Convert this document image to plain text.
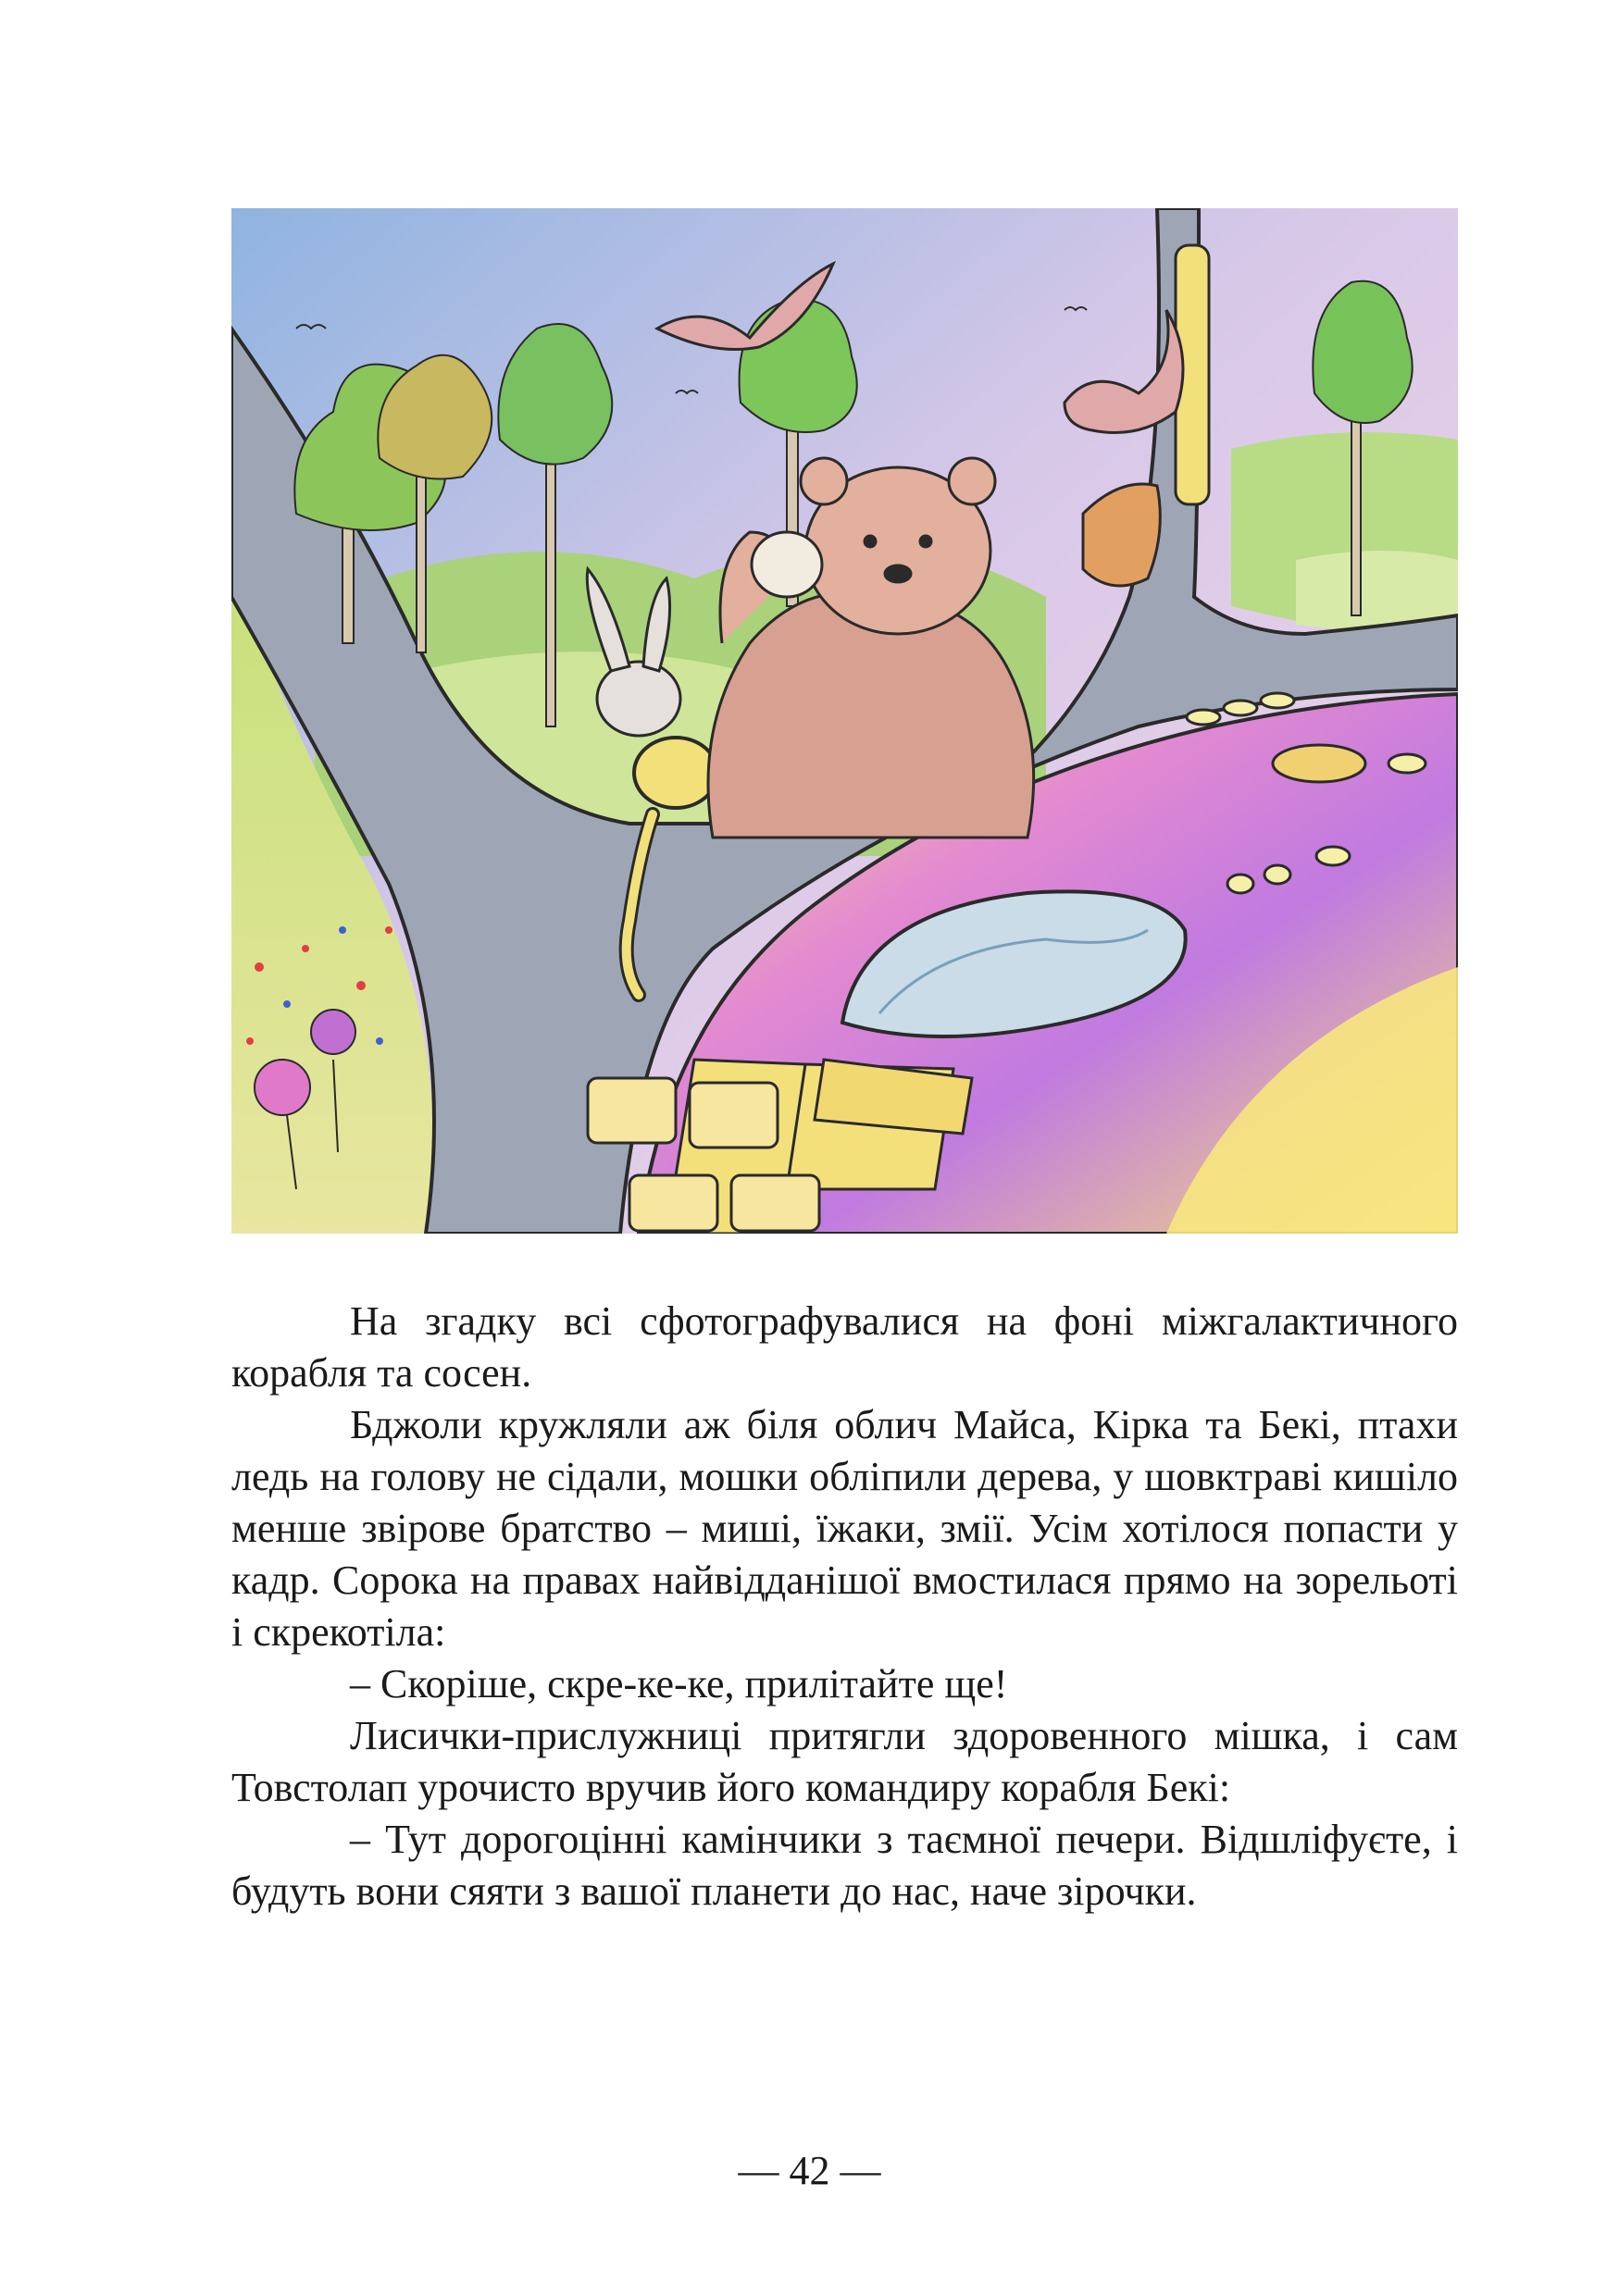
На згадку всі сфотографувалися на фоні міжгалактичного корабля та сосен.

Бджоли кружляли аж біля облич Майса, Кірка та Бекі, птахи ледь на голову не сідали, мошки обліпили дерева, у шовктраві кишіло менше звірове братство – миші, їжаки, змії. Усім хотілося попасти у кадр. Сорока на правах найвідданішої вмостилася прямо на зорельоті і скрекотіла:

– Скоріше, скре-ке-ке, прилітайте ще!

Лисички-прислужниці притягли здоровенного мішка, і сам Товстолап урочисто вручив його командиру корабля Бекі:

– Тут дорогоцінні камінчики з таємної печери. Відшліфуєте, і будуть вони сяяти з вашої планети до нас, наче зірочки.

— 42 —
